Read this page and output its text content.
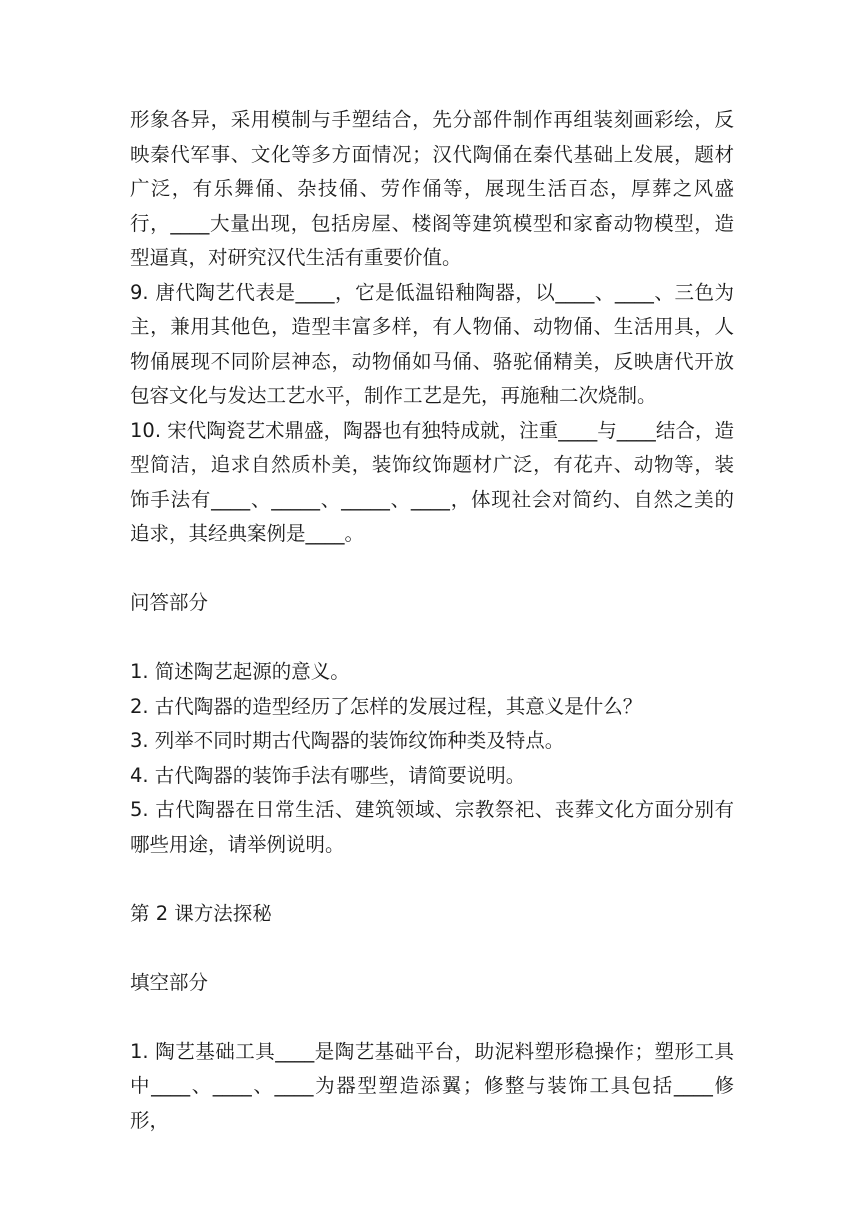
形象各异，采用模制与手塑结合，先分部件制作再组装刻画彩绘，反映秦代军事、文化等多方面情况；汉代陶俑在秦代基础上发展，题材广泛，有乐舞俑、杂技俑、劳作俑等，展现生活百态，厚葬之风盛行，____大量出现，包括房屋、楼阁等建筑模型和家畜动物模型，造型逼真，对研究汉代生活有重要价值。

9. 唐代陶艺代表是____，它是低温铅釉陶器，以____、____、三色为主，兼用其他色，造型丰富多样，有人物俑、动物俑、生活用具，人物俑展现不同阶层神态，动物俑如马俑、骆驼俑精美，反映唐代开放包容文化与发达工艺水平，制作工艺是先，再施釉二次烧制。

10. 宋代陶瓷艺术鼎盛，陶器也有独特成就，注重____与____结合，造型简洁，追求自然质朴美，装饰纹饰题材广泛，有花卉、动物等，装饰手法有____、_____、_____、____，体现社会对简约、自然之美的追求，其经典案例是____。

问答部分

1. 简述陶艺起源的意义。

2. 古代陶器的造型经历了怎样的发展过程，其意义是什么？

3. 列举不同时期古代陶器的装饰纹饰种类及特点。

4. 古代陶器的装饰手法有哪些，请简要说明。

5. 古代陶器在日常生活、建筑领域、宗教祭祀、丧葬文化方面分别有哪些用途，请举例说明。

第 2 课方法探秘

填空部分

1. 陶艺基础工具____是陶艺基础平台，助泥料塑形稳操作；塑形工具中____、____、____为器型塑造添翼；修整与装饰工具包括____修形，
